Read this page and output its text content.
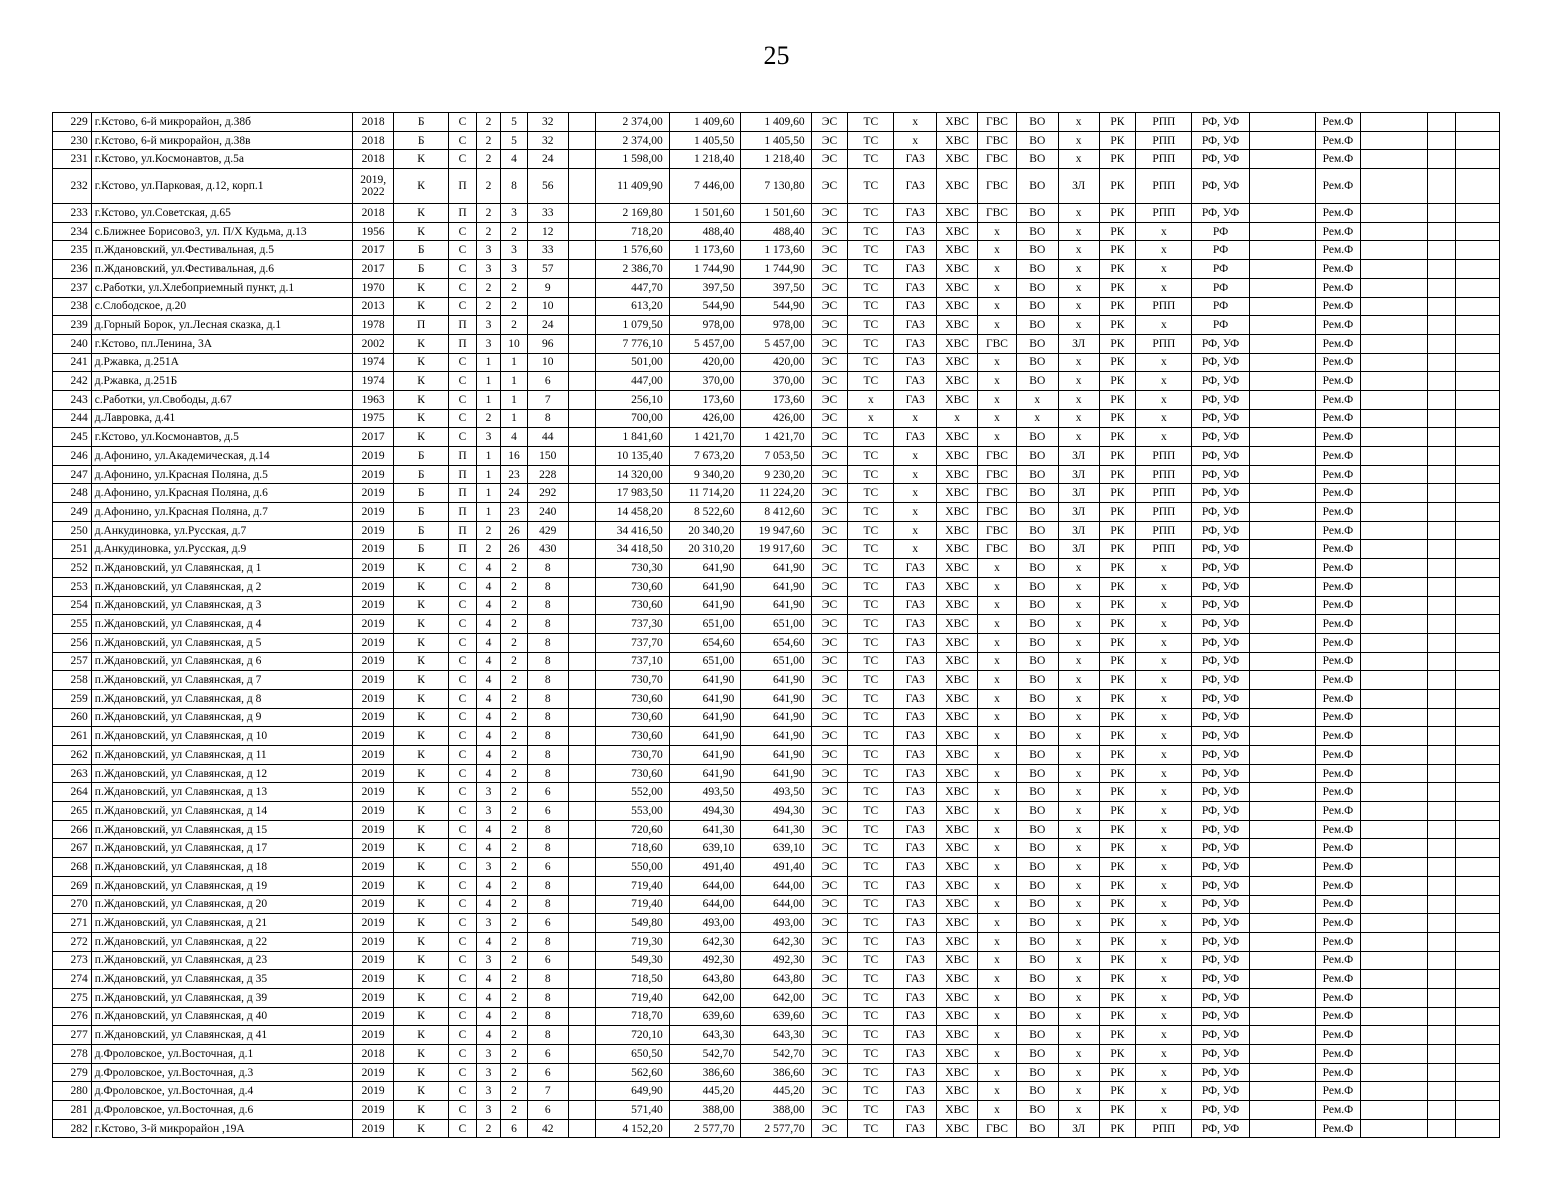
25
229	г.Кстово, 6-й микрорайон, д.38б	2018	Б	С	2	5	32		2 374,00	1 409,60	1 409,60	ЭС	ТС	х	ХВС	ГВС	ВО	х	РК	РПП	РФ, УФ		Рем.Ф			
230	г.Кстово, 6-й микрорайон, д.38в	2018	Б	С	2	5	32		2 374,00	1 405,50	1 405,50	ЭС	ТС	х	ХВС	ГВС	ВО	х	РК	РПП	РФ, УФ		Рем.Ф			
231	г.Кстово, ул.Космонавтов, д.5а	2018	К	С	2	4	24		1 598,00	1 218,40	1 218,40	ЭС	ТС	ГАЗ	ХВС	ГВС	ВО	х	РК	РПП	РФ, УФ		Рем.Ф			
232	г.Кстово, ул.Парковая, д.12, корп.1	2019, 2022	К	П	2	8	56		11 409,90	7 446,00	7 130,80	ЭС	ТС	ГАЗ	ХВС	ГВС	ВО	ЗЛ	РК	РПП	РФ, УФ		Рем.Ф			
233	г.Кстово, ул.Советская, д.65	2018	К	П	2	3	33		2 169,80	1 501,60	1 501,60	ЭС	ТС	ГАЗ	ХВС	ГВС	ВО	х	РК	РПП	РФ, УФ		Рем.Ф			
234	с.Ближнее Борисово3, ул. П/Х Кудьма, д.13	1956	К	С	2	2	12		718,20	488,40	488,40	ЭС	ТС	ГАЗ	ХВС	х	ВО	х	РК	х	РФ		Рем.Ф			
235	п.Ждановский, ул.Фестивальная, д.5	2017	Б	С	3	3	33		1 576,60	1 173,60	1 173,60	ЭС	ТС	ГАЗ	ХВС	х	ВО	х	РК	х	РФ		Рем.Ф			
236	п.Ждановский, ул.Фестивальная, д.6	2017	Б	С	3	3	57		2 386,70	1 744,90	1 744,90	ЭС	ТС	ГАЗ	ХВС	х	ВО	х	РК	х	РФ		Рем.Ф			
237	с.Работки, ул.Хлебоприемный пункт, д.1	1970	К	С	2	2	9		447,70	397,50	397,50	ЭС	ТС	ГАЗ	ХВС	х	ВО	х	РК	х	РФ		Рем.Ф			
238	с.Слободское, д.20	2013	К	С	2	2	10		613,20	544,90	544,90	ЭС	ТС	ГАЗ	ХВС	х	ВО	х	РК	РПП	РФ		Рем.Ф			
239	д.Горный Борок, ул.Лесная сказка, д.1	1978	П	П	3	2	24		1 079,50	978,00	978,00	ЭС	ТС	ГАЗ	ХВС	х	ВО	х	РК	х	РФ		Рем.Ф			
240	г.Кстово, пл.Ленина, 3А	2002	К	П	3	10	96		7 776,10	5 457,00	5 457,00	ЭС	ТС	ГАЗ	ХВС	ГВС	ВО	ЗЛ	РК	РПП	РФ, УФ		Рем.Ф			
241	д.Ржавка, д.251А	1974	К	С	1	1	10		501,00	420,00	420,00	ЭС	ТС	ГАЗ	ХВС	х	ВО	х	РК	х	РФ, УФ		Рем.Ф			
242	д.Ржавка, д.251Б	1974	К	С	1	1	6		447,00	370,00	370,00	ЭС	ТС	ГАЗ	ХВС	х	ВО	х	РК	х	РФ, УФ		Рем.Ф			
243	с.Работки, ул.Свободы, д.67	1963	К	С	1	1	7		256,10	173,60	173,60	ЭС	х	ГАЗ	ХВС	х	х	х	РК	х	РФ, УФ		Рем.Ф			
244	д.Лавровка, д.41	1975	К	С	2	1	8		700,00	426,00	426,00	ЭС	х	х	х	х	х	х	РК	х	РФ, УФ		Рем.Ф			
245	г.Кстово, ул.Космонавтов, д.5	2017	К	С	3	4	44		1 841,60	1 421,70	1 421,70	ЭС	ТС	ГАЗ	ХВС	х	ВО	х	РК	х	РФ, УФ		Рем.Ф			
246	д.Афонино, ул.Академическая, д.14	2019	Б	П	1	16	150		10 135,40	7 673,20	7 053,50	ЭС	ТС	х	ХВС	ГВС	ВО	ЗЛ	РК	РПП	РФ, УФ		Рем.Ф			
247	д.Афонино, ул.Красная Поляна, д.5	2019	Б	П	1	23	228		14 320,00	9 340,20	9 230,20	ЭС	ТС	х	ХВС	ГВС	ВО	ЗЛ	РК	РПП	РФ, УФ		Рем.Ф			
248	д.Афонино, ул.Красная Поляна, д.6	2019	Б	П	1	24	292		17 983,50	11 714,20	11 224,20	ЭС	ТС	х	ХВС	ГВС	ВО	ЗЛ	РК	РПП	РФ, УФ		Рем.Ф			
249	д.Афонино, ул.Красная Поляна, д.7	2019	Б	П	1	23	240		14 458,20	8 522,60	8 412,60	ЭС	ТС	х	ХВС	ГВС	ВО	ЗЛ	РК	РПП	РФ, УФ		Рем.Ф			
250	д.Анкудиновка, ул.Русская, д.7	2019	Б	П	2	26	429		34 416,50	20 340,20	19 947,60	ЭС	ТС	х	ХВС	ГВС	ВО	ЗЛ	РК	РПП	РФ, УФ		Рем.Ф			
251	д.Анкудиновка, ул.Русская, д.9	2019	Б	П	2	26	430		34 418,50	20 310,20	19 917,60	ЭС	ТС	х	ХВС	ГВС	ВО	ЗЛ	РК	РПП	РФ, УФ		Рем.Ф			
252	п.Ждановский, ул Славянская, д 1	2019	К	С	4	2	8		730,30	641,90	641,90	ЭС	ТС	ГАЗ	ХВС	х	ВО	х	РК	х	РФ, УФ		Рем.Ф			
253	п.Ждановский, ул Славянская, д 2	2019	К	С	4	2	8		730,60	641,90	641,90	ЭС	ТС	ГАЗ	ХВС	х	ВО	х	РК	х	РФ, УФ		Рем.Ф			
254	п.Ждановский, ул Славянская, д 3	2019	К	С	4	2	8		730,60	641,90	641,90	ЭС	ТС	ГАЗ	ХВС	х	ВО	х	РК	х	РФ, УФ		Рем.Ф			
255	п.Ждановский, ул Славянская, д 4	2019	К	С	4	2	8		737,30	651,00	651,00	ЭС	ТС	ГАЗ	ХВС	х	ВО	х	РК	х	РФ, УФ		Рем.Ф			
256	п.Ждановский, ул Славянская, д 5	2019	К	С	4	2	8		737,70	654,60	654,60	ЭС	ТС	ГАЗ	ХВС	х	ВО	х	РК	х	РФ, УФ		Рем.Ф			
257	п.Ждановский, ул Славянская, д 6	2019	К	С	4	2	8		737,10	651,00	651,00	ЭС	ТС	ГАЗ	ХВС	х	ВО	х	РК	х	РФ, УФ		Рем.Ф			
258	п.Ждановский, ул Славянская, д 7	2019	К	С	4	2	8		730,70	641,90	641,90	ЭС	ТС	ГАЗ	ХВС	х	ВО	х	РК	х	РФ, УФ		Рем.Ф			
259	п.Ждановский, ул Славянская, д 8	2019	К	С	4	2	8		730,60	641,90	641,90	ЭС	ТС	ГАЗ	ХВС	х	ВО	х	РК	х	РФ, УФ		Рем.Ф			
260	п.Ждановский, ул Славянская, д 9	2019	К	С	4	2	8		730,60	641,90	641,90	ЭС	ТС	ГАЗ	ХВС	х	ВО	х	РК	х	РФ, УФ		Рем.Ф			
261	п.Ждановский, ул Славянская, д 10	2019	К	С	4	2	8		730,60	641,90	641,90	ЭС	ТС	ГАЗ	ХВС	х	ВО	х	РК	х	РФ, УФ		Рем.Ф			
262	п.Ждановский, ул Славянская, д 11	2019	К	С	4	2	8		730,70	641,90	641,90	ЭС	ТС	ГАЗ	ХВС	х	ВО	х	РК	х	РФ, УФ		Рем.Ф			
263	п.Ждановский, ул Славянская, д 12	2019	К	С	4	2	8		730,60	641,90	641,90	ЭС	ТС	ГАЗ	ХВС	х	ВО	х	РК	х	РФ, УФ		Рем.Ф			
264	п.Ждановский, ул Славянская, д 13	2019	К	С	3	2	6		552,00	493,50	493,50	ЭС	ТС	ГАЗ	ХВС	х	ВО	х	РК	х	РФ, УФ		Рем.Ф			
265	п.Ждановский, ул Славянская, д 14	2019	К	С	3	2	6		553,00	494,30	494,30	ЭС	ТС	ГАЗ	ХВС	х	ВО	х	РК	х	РФ, УФ		Рем.Ф			
266	п.Ждановский, ул Славянская, д 15	2019	К	С	4	2	8		720,60	641,30	641,30	ЭС	ТС	ГАЗ	ХВС	х	ВО	х	РК	х	РФ, УФ		Рем.Ф			
267	п.Ждановский, ул Славянская, д 17	2019	К	С	4	2	8		718,60	639,10	639,10	ЭС	ТС	ГАЗ	ХВС	х	ВО	х	РК	х	РФ, УФ		Рем.Ф			
268	п.Ждановский, ул Славянская, д 18	2019	К	С	3	2	6		550,00	491,40	491,40	ЭС	ТС	ГАЗ	ХВС	х	ВО	х	РК	х	РФ, УФ		Рем.Ф			
269	п.Ждановский, ул Славянская, д 19	2019	К	С	4	2	8		719,40	644,00	644,00	ЭС	ТС	ГАЗ	ХВС	х	ВО	х	РК	х	РФ, УФ		Рем.Ф			
270	п.Ждановский, ул Славянская, д 20	2019	К	С	4	2	8		719,40	644,00	644,00	ЭС	ТС	ГАЗ	ХВС	х	ВО	х	РК	х	РФ, УФ		Рем.Ф			
271	п.Ждановский, ул Славянская, д 21	2019	К	С	3	2	6		549,80	493,00	493,00	ЭС	ТС	ГАЗ	ХВС	х	ВО	х	РК	х	РФ, УФ		Рем.Ф			
272	п.Ждановский, ул Славянская, д 22	2019	К	С	4	2	8		719,30	642,30	642,30	ЭС	ТС	ГАЗ	ХВС	х	ВО	х	РК	х	РФ, УФ		Рем.Ф			
273	п.Ждановский, ул Славянская, д 23	2019	К	С	3	2	6		549,30	492,30	492,30	ЭС	ТС	ГАЗ	ХВС	х	ВО	х	РК	х	РФ, УФ		Рем.Ф			
274	п.Ждановский, ул Славянская, д 35	2019	К	С	4	2	8		718,50	643,80	643,80	ЭС	ТС	ГАЗ	ХВС	х	ВО	х	РК	х	РФ, УФ		Рем.Ф			
275	п.Ждановский, ул Славянская, д 39	2019	К	С	4	2	8		719,40	642,00	642,00	ЭС	ТС	ГАЗ	ХВС	х	ВО	х	РК	х	РФ, УФ		Рем.Ф			
276	п.Ждановский, ул Славянская, д 40	2019	К	С	4	2	8		718,70	639,60	639,60	ЭС	ТС	ГАЗ	ХВС	х	ВО	х	РК	х	РФ, УФ		Рем.Ф			
277	п.Ждановский, ул Славянская, д 41	2019	К	С	4	2	8		720,10	643,30	643,30	ЭС	ТС	ГАЗ	ХВС	х	ВО	х	РК	х	РФ, УФ		Рем.Ф			
278	д.Фроловское, ул.Восточная, д.1	2018	К	С	3	2	6		650,50	542,70	542,70	ЭС	ТС	ГАЗ	ХВС	х	ВО	х	РК	х	РФ, УФ		Рем.Ф			
279	д.Фроловское, ул.Восточная, д.3	2019	К	С	3	2	6		562,60	386,60	386,60	ЭС	ТС	ГАЗ	ХВС	х	ВО	х	РК	х	РФ, УФ		Рем.Ф			
280	д.Фроловское, ул.Восточная, д.4	2019	К	С	3	2	7		649,90	445,20	445,20	ЭС	ТС	ГАЗ	ХВС	х	ВО	х	РК	х	РФ, УФ		Рем.Ф			
281	д.Фроловское, ул.Восточная, д.6	2019	К	С	3	2	6		571,40	388,00	388,00	ЭС	ТС	ГАЗ	ХВС	х	ВО	х	РК	х	РФ, УФ		Рем.Ф			
282	г.Кстово, 3-й микрорайон ,19А	2019	К	С	2	6	42		4 152,20	2 577,70	2 577,70	ЭС	ТС	ГАЗ	ХВС	ГВС	ВО	ЗЛ	РК	РПП	РФ, УФ		Рем.Ф			
